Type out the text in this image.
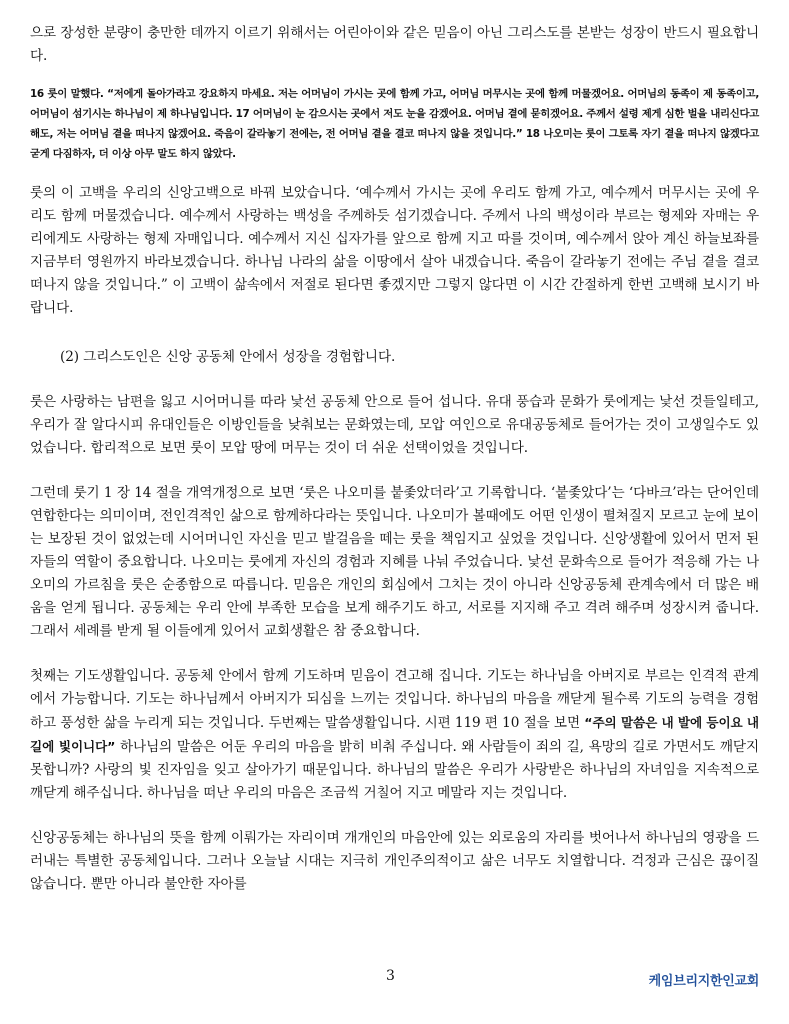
으로 장성한 분량이 충만한 데까지 이르기 위해서는 어린아이와 같은 믿음이 아닌 그리스도를 본받는 성장이 반드시 필요합니다.

16 룻이 말했다. “저에게 돌아가라고 강요하지 마세요. 저는 어머님이 가시는 곳에 함께 가고, 어머님 머무시는 곳에 함께 머물겠어요. 어머님의 동족이 제 동족이고, 어머님이 섬기시는 하나님이 제 하나님입니다. 17 어머님이 눈 감으시는 곳에서 저도 눈을 감겠어요. 어머님 곁에 묻히겠어요. 주께서 설령 제게 심한 벌을 내리신다고 해도, 저는 어머님 곁을 떠나지 않겠어요. 죽음이 갈라놓기 전에는, 전 어머님 곁을 결코 떠나지 않을 것입니다.” 18 나오미는 룻이 그토록 자기 곁을 떠나지 않겠다고 굳게 다짐하자, 더 이상 아무 말도 하지 않았다.

룻의 이 고백을 우리의 신앙고백으로 바꿔 보았습니다. ‘예수께서 가시는 곳에 우리도 함께 가고, 예수께서 머무시는 곳에 우리도 함께 머물겠습니다. 예수께서 사랑하는 백성을 주께하듯 섬기겠습니다. 주께서 나의 백성이라 부르는 형제와 자매는 우리에게도 사랑하는 형제 자매입니다. 예수께서 지신 십자가를 앞으로 함께 지고 따를 것이며, 예수께서 앉아 계신 하늘보좌를 지금부터 영원까지 바라보겠습니다. 하나님 나라의 삶을 이땅에서 살아 내겠습니다. 죽음이 갈라놓기 전에는 주님 곁을 결코 떠나지 않을 것입니다.” 이 고백이 삶속에서 저절로 된다면 좋겠지만 그렇지 않다면 이 시간 간절하게 한번 고백해 보시기 바랍니다.

(2) 그리스도인은 신앙 공동체 안에서 성장을 경험합니다.

룻은 사랑하는 남편을 잃고 시어머니를 따라 낯선 공동체 안으로 들어 섭니다. 유대 풍습과 문화가 룻에게는 낯선 것들일테고, 우리가 잘 알다시피 유대인들은 이방인들을 낮춰보는 문화였는데, 모압 여인으로 유대공동체로 들어가는 것이 고생일수도 있었습니다. 합리적으로 보면 룻이 모압 땅에 머무는 것이 더 쉬운 선택이었을 것입니다.

그런데 룻기 1 장 14 절을 개역개정으로 보면 ‘룻은 나오미를 붙좇았더라’고 기록합니다. ‘붙좇았다’는 ‘다바크’라는 단어인데 연합한다는 의미이며, 전인격적인 삶으로 함께하다라는 뜻입니다. 나오미가 볼때에도 어떤 인생이 펼쳐질지 모르고 눈에 보이는 보장된 것이 없었는데 시어머니인 자신을 믿고 발걸음을 떼는 룻을 책임지고 싶었을 것입니다. 신앙생활에 있어서 먼저 된 자들의 역할이 중요합니다. 나오미는 룻에게 자신의 경험과 지혜를 나눠 주었습니다. 낯선 문화속으로 들어가 적응해 가는 나오미의 가르침을 룻은 순종함으로 따릅니다. 믿음은 개인의 회심에서 그치는 것이 아니라 신앙공동체 관계속에서 더 많은 배움을 얻게 됩니다. 공동체는 우리 안에 부족한 모습을 보게 해주기도 하고, 서로를 지지해 주고 격려 해주며 성장시켜 줍니다. 그래서 세례를 받게 될 이들에게 있어서 교회생활은 참 중요합니다.

첫째는 기도생활입니다. 공동체 안에서 함께 기도하며 믿음이 견고해 집니다. 기도는 하나님을 아버지로 부르는 인격적 관계에서 가능합니다. 기도는 하나님께서 아버지가 되심을 느끼는 것입니다. 하나님의 마음을 깨닫게 될수록 기도의 능력을 경험하고 풍성한 삶을 누리게 되는 것입니다. 두번째는 말씀생활입니다. 시편 119 편 10 절을 보면 “주의 말씀은 내 발에 등이요 내 길에 빛이니다” 하나님의 말씀은 어둔 우리의 마음을 밝히 비춰 주십니다. 왜 사람들이 죄의 길, 욕망의 길로 가면서도 깨닫지 못합니까? 사랑의 빛 진자임을 잊고 살아가기 때문입니다. 하나님의 말씀은 우리가 사랑받은 하나님의 자녀임을 지속적으로 깨닫게 해주십니다. 하나님을 떠난 우리의 마음은 조금씩 거칠어 지고 메말라 지는 것입니다.

신앙공동체는 하나님의 뜻을 함께 이뤄가는 자리이며 개개인의 마음안에 있는 외로움의 자리를 벗어나서 하나님의 영광을 드러내는 특별한 공동체입니다. 그러나 오늘날 시대는 지극히 개인주의적이고 삶은 너무도 치열합니다. 걱정과 근심은 끊이질 않습니다. 뿐만 아니라 불안한 자아를

3	케임브리지한인교회
